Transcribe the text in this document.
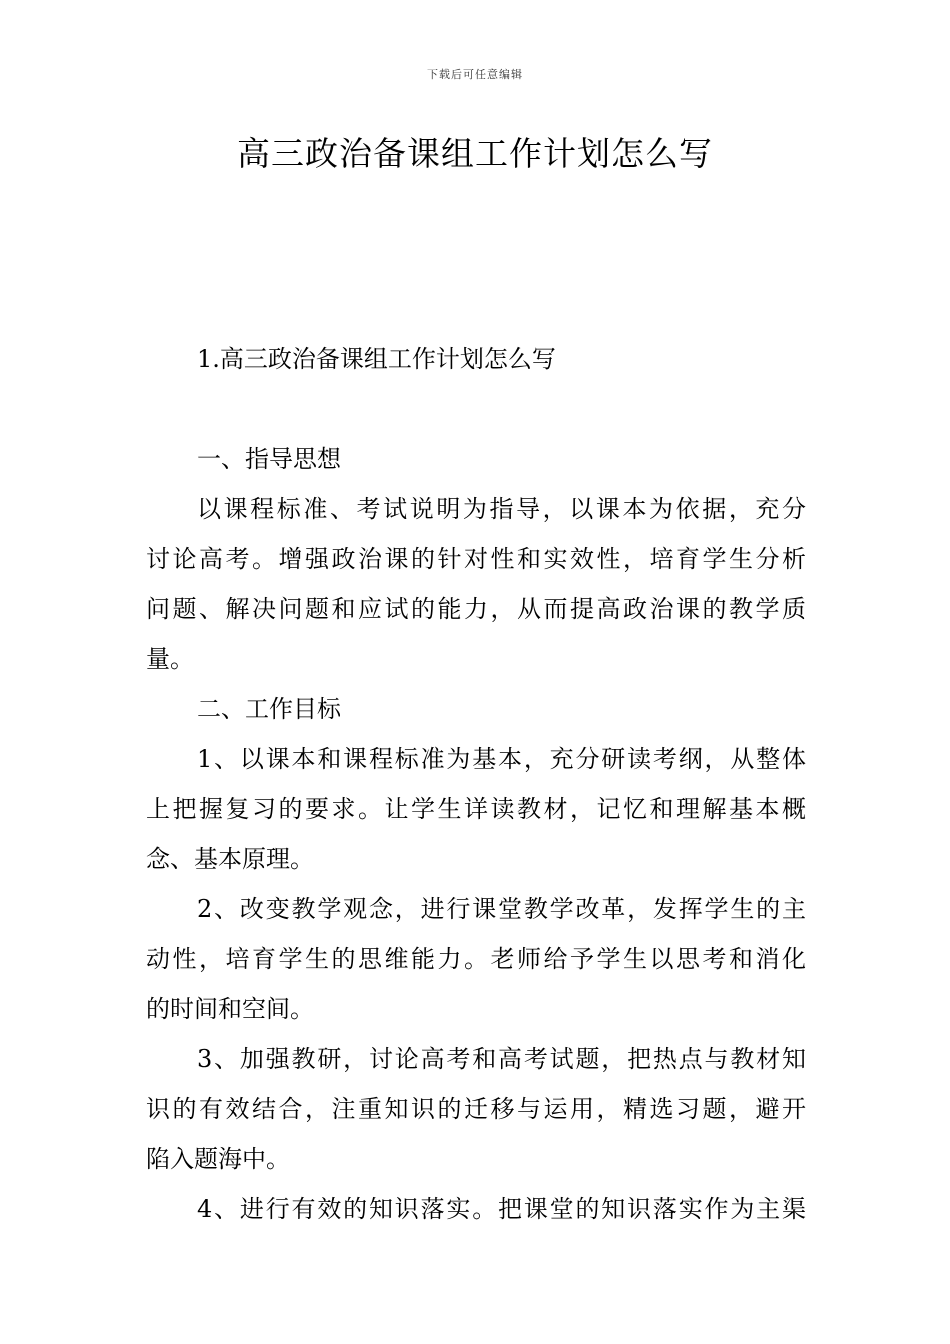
下载后可任意编辑
高三政治备课组工作计划怎么写
1.高三政治备课组工作计划怎么写
一、指导思想
以课程标准、考试说明为指导，以课本为依据，充分
讨论高考。增强政治课的针对性和实效性，培育学生分析
问题、解决问题和应试的能力，从而提高政治课的教学质
量。
二、工作目标
1、以课本和课程标准为基本，充分研读考纲，从整体
上把握复习的要求。让学生详读教材，记忆和理解基本概
念、基本原理。
2、改变教学观念，进行课堂教学改革，发挥学生的主
动性，培育学生的思维能力。老师给予学生以思考和消化
的时间和空间。
3、加强教研，讨论高考和高考试题，把热点与教材知
识的有效结合，注重知识的迁移与运用，精选习题，避开
陷入题海中。
4、进行有效的知识落实。把课堂的知识落实作为主渠
